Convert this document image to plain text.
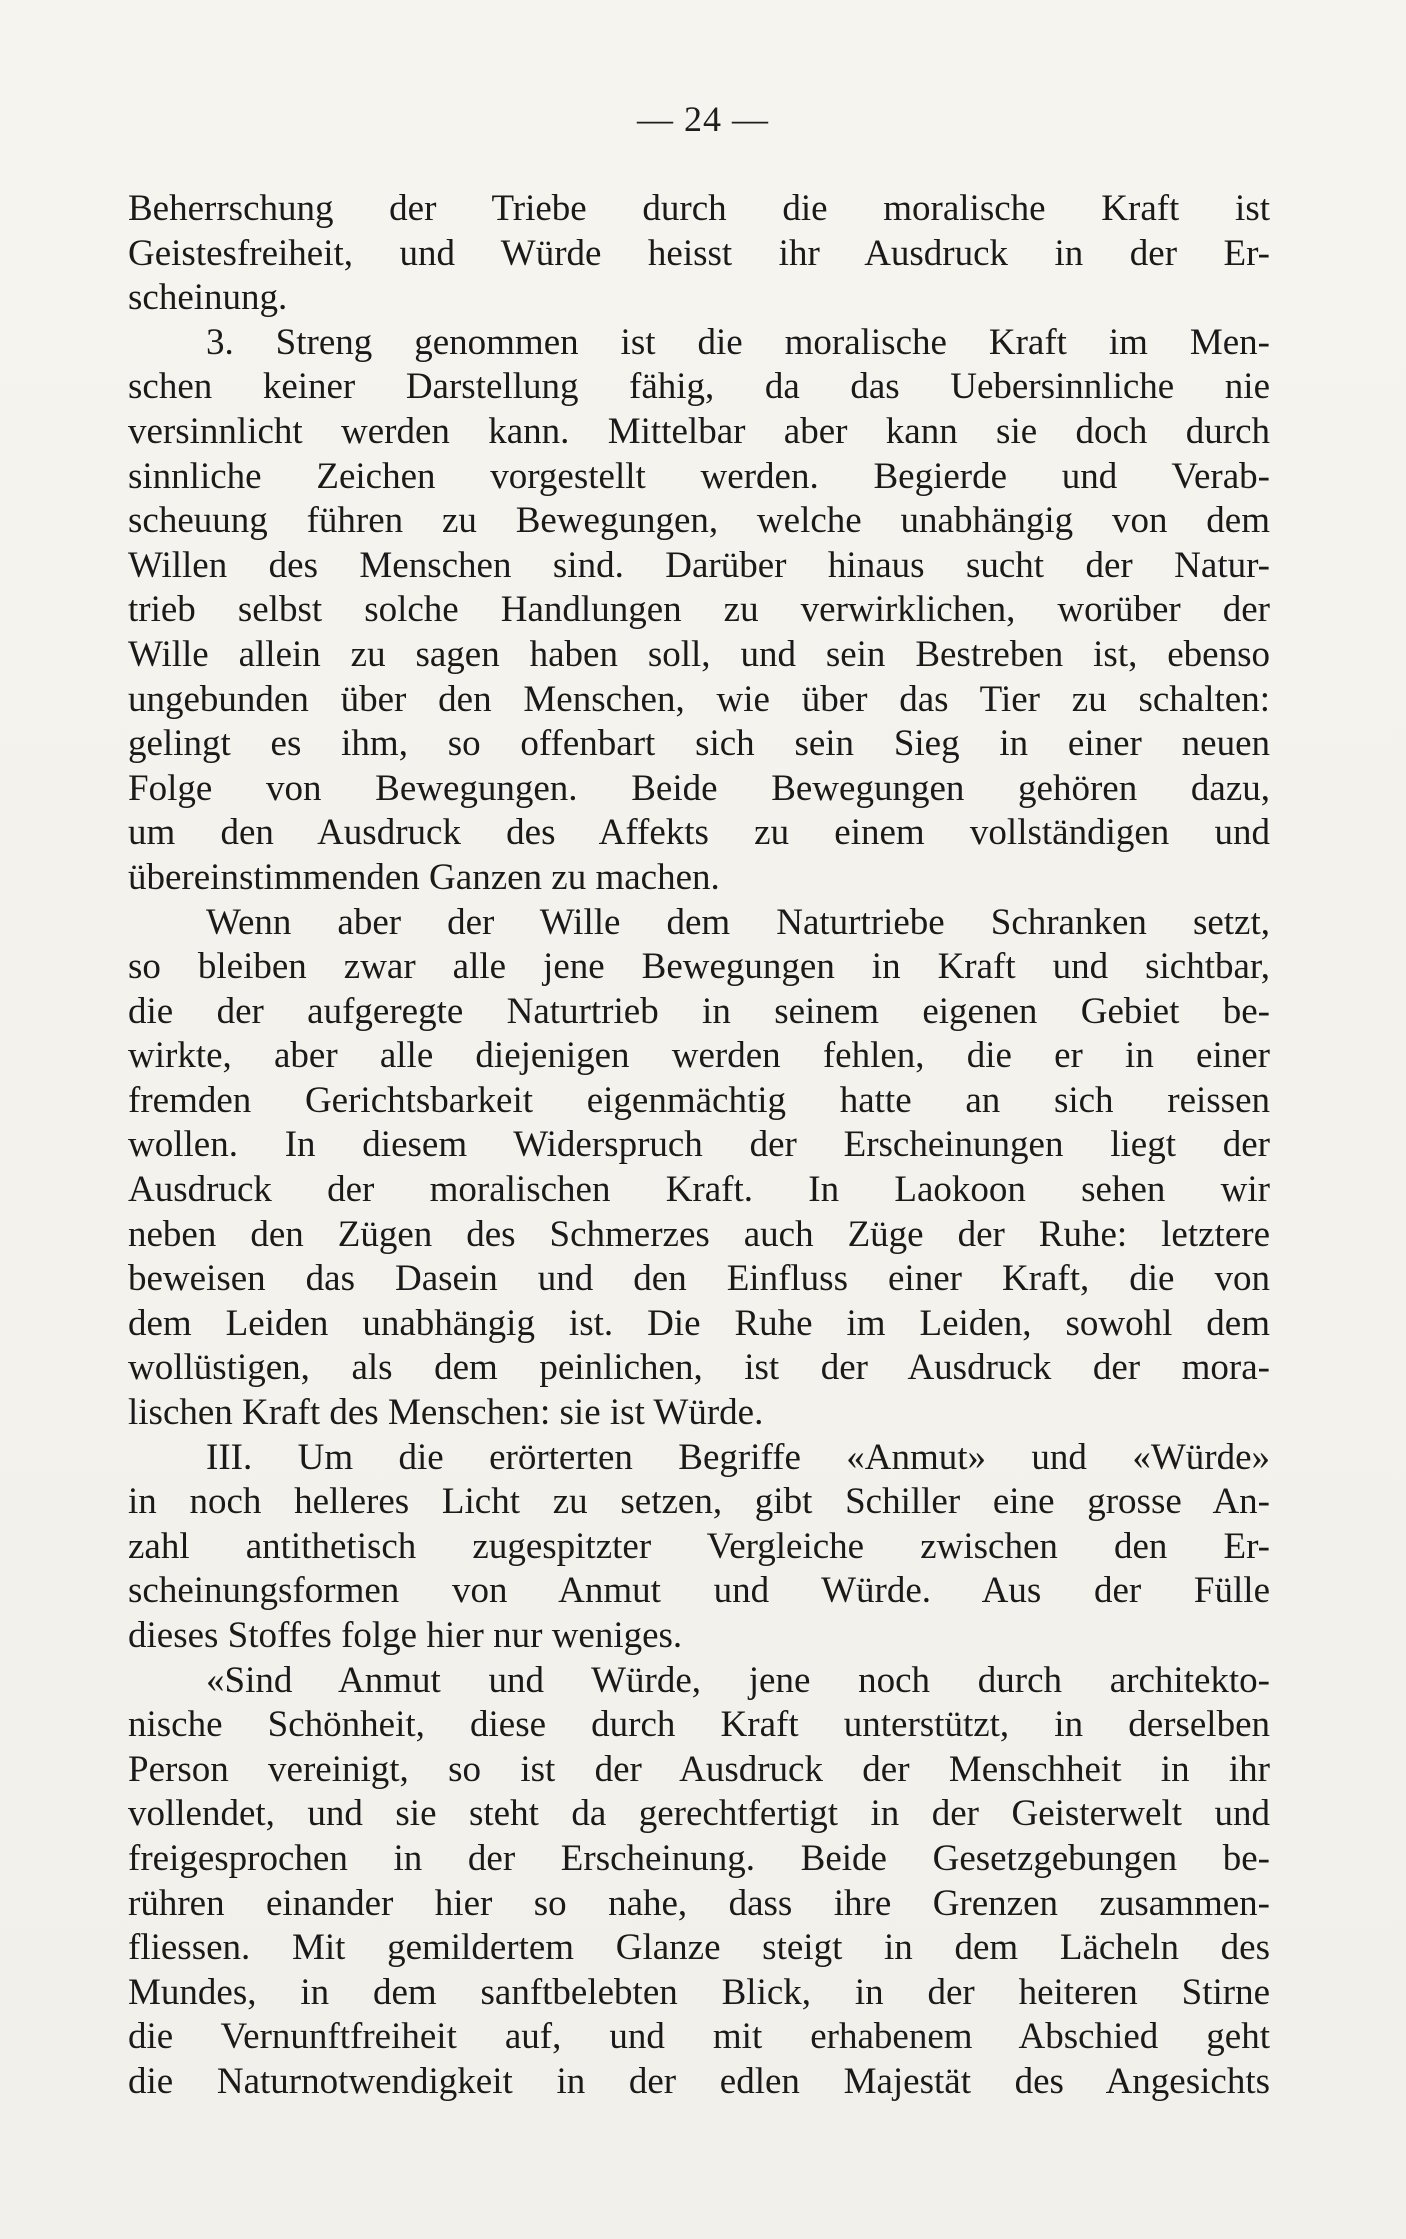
— 24 —
Beherrschung der Triebe durch die moralische Kraft ist
Geistesfreiheit, und Würde heisst ihr Ausdruck in der Er-
scheinung.
3. Streng genommen ist die moralische Kraft im Men-
schen keiner Darstellung fähig, da das Uebersinnliche nie
versinnlicht werden kann. Mittelbar aber kann sie doch durch
sinnliche Zeichen vorgestellt werden. Begierde und Verab-
scheuung führen zu Bewegungen, welche unabhängig von dem
Willen des Menschen sind. Darüber hinaus sucht der Natur-
trieb selbst solche Handlungen zu verwirklichen, worüber der
Wille allein zu sagen haben soll, und sein Bestreben ist, ebenso
ungebunden über den Menschen, wie über das Tier zu schalten:
gelingt es ihm, so offenbart sich sein Sieg in einer neuen
Folge von Bewegungen. Beide Bewegungen gehören dazu,
um den Ausdruck des Affekts zu einem vollständigen und
übereinstimmenden Ganzen zu machen.
Wenn aber der Wille dem Naturtriebe Schranken setzt,
so bleiben zwar alle jene Bewegungen in Kraft und sichtbar,
die der aufgeregte Naturtrieb in seinem eigenen Gebiet be-
wirkte, aber alle diejenigen werden fehlen, die er in einer
fremden Gerichtsbarkeit eigenmächtig hatte an sich reissen
wollen. In diesem Widerspruch der Erscheinungen liegt der
Ausdruck der moralischen Kraft. In Laokoon sehen wir
neben den Zügen des Schmerzes auch Züge der Ruhe: letztere
beweisen das Dasein und den Einfluss einer Kraft, die von
dem Leiden unabhängig ist. Die Ruhe im Leiden, sowohl dem
wollüstigen, als dem peinlichen, ist der Ausdruck der mora-
lischen Kraft des Menschen: sie ist Würde.
III. Um die erörterten Begriffe «Anmut» und «Würde»
in noch helleres Licht zu setzen, gibt Schiller eine grosse An-
zahl antithetisch zugespitzter Vergleiche zwischen den Er-
scheinungsformen von Anmut und Würde. Aus der Fülle
dieses Stoffes folge hier nur weniges.
«Sind Anmut und Würde, jene noch durch architekto-
nische Schönheit, diese durch Kraft unterstützt, in derselben
Person vereinigt, so ist der Ausdruck der Menschheit in ihr
vollendet, und sie steht da gerechtfertigt in der Geisterwelt und
freigesprochen in der Erscheinung. Beide Gesetzgebungen be-
rühren einander hier so nahe, dass ihre Grenzen zusammen-
fliessen. Mit gemildertem Glanze steigt in dem Lächeln des
Mundes, in dem sanftbelebten Blick, in der heiteren Stirne
die Vernunftfreiheit auf, und mit erhabenem Abschied geht
die Naturnotwendigkeit in der edlen Majestät des Angesichts
